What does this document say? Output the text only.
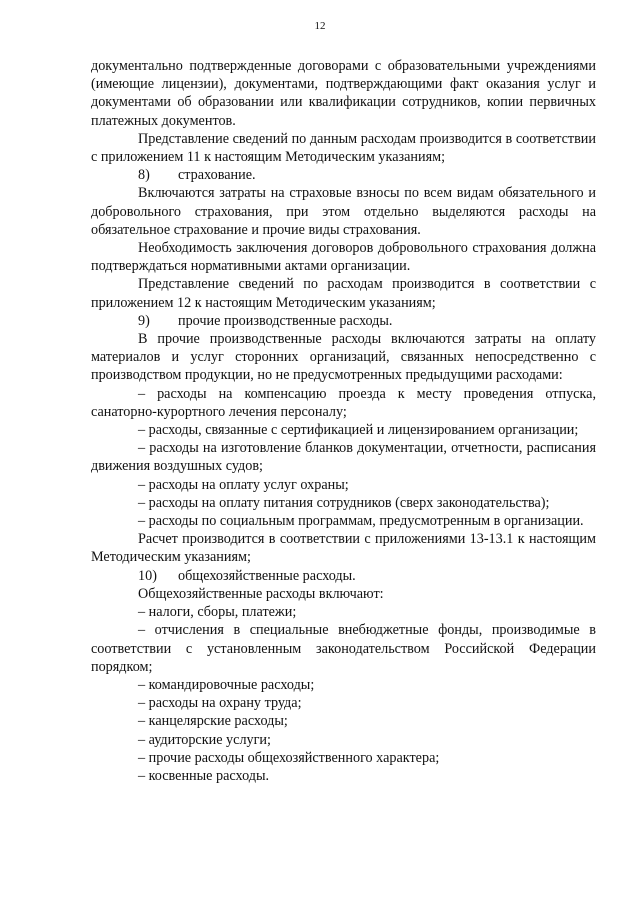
12

документально подтвержденные договорами с образовательными учреждениями (имеющие лицензии), документами, подтверждающими факт оказания услуг и документами об образовании или квалификации сотрудников, копии первичных платежных документов.

Представление сведений по данным расходам производится в соответствии с приложением 11 к настоящим Методическим указаниям;

8) страхование.

Включаются затраты на страховые взносы по всем видам обязательного и добровольного страхования, при этом отдельно выделяются расходы на обязательное страхование и прочие виды страхования.

Необходимость заключения договоров добровольного страхования должна подтверждаться нормативными актами организации.

Представление сведений по расходам производится в соответствии с приложением 12 к настоящим Методическим указаниям;

9) прочие производственные расходы.

В прочие производственные расходы включаются затраты на оплату материалов и услуг сторонних организаций, связанных непосредственно с производством продукции, но не предусмотренных предыдущими расходами:

– расходы на компенсацию проезда к месту проведения отпуска, санаторно-курортного лечения персоналу;

– расходы, связанные с сертификацией и лицензированием организации;

– расходы на изготовление бланков документации, отчетности, расписания движения воздушных судов;

– расходы на оплату услуг охраны;

– расходы на оплату питания сотрудников (сверх законодательства);

– расходы по социальным программам, предусмотренным в организации.

Расчет производится в соответствии с приложениями 13-13.1 к настоящим Методическим указаниям;

10) общехозяйственные расходы.

Общехозяйственные расходы включают:

– налоги, сборы, платежи;

– отчисления в специальные внебюджетные фонды, производимые в соответствии с установленным законодательством Российской Федерации порядком;

– командировочные расходы;

– расходы на охрану труда;

– канцелярские расходы;

– аудиторские услуги;

– прочие расходы общехозяйственного характера;

– косвенные расходы.
